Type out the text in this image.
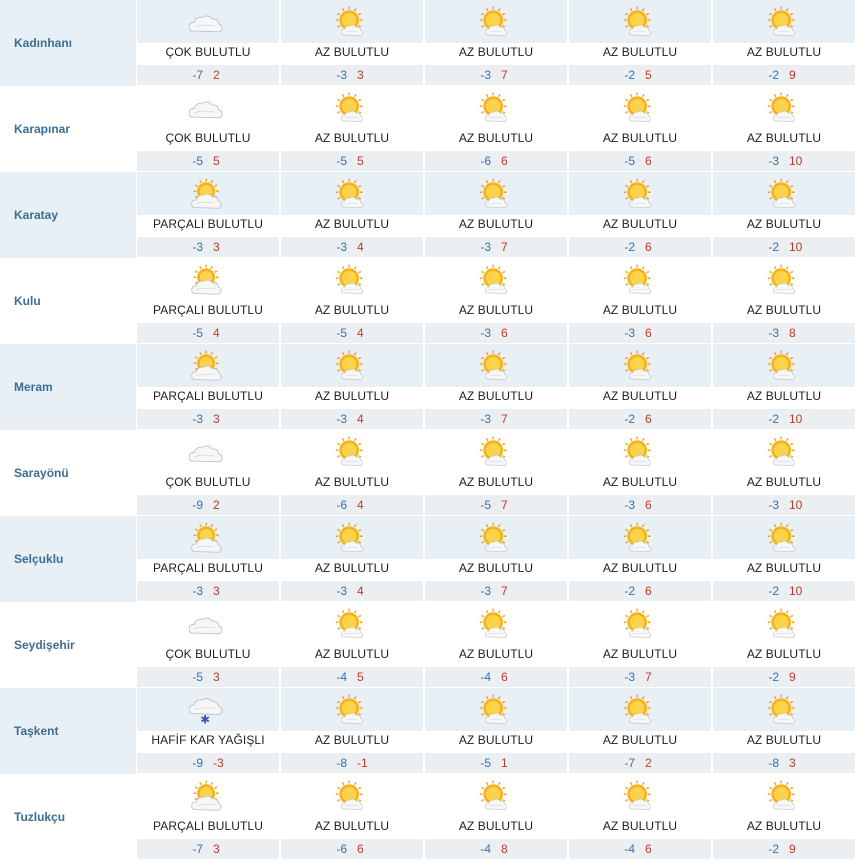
Kadınhanı
ÇOK BULUTLU
-7 2
AZ BULUTLU
-3 3
AZ BULUTLU
-3 7
AZ BULUTLU
-2 5
AZ BULUTLU
-2 9
Karapınar
ÇOK BULUTLU
-5 5
AZ BULUTLU
-5 5
AZ BULUTLU
-6 6
AZ BULUTLU
-5 6
AZ BULUTLU
-3 10
Karatay
PARÇALI BULUTLU
-3 3
AZ BULUTLU
-3 4
AZ BULUTLU
-3 7
AZ BULUTLU
-2 6
AZ BULUTLU
-2 10
Kulu
PARÇALI BULUTLU
-5 4
AZ BULUTLU
-5 4
AZ BULUTLU
-3 6
AZ BULUTLU
-3 6
AZ BULUTLU
-3 8
Meram
PARÇALI BULUTLU
-3 3
AZ BULUTLU
-3 4
AZ BULUTLU
-3 7
AZ BULUTLU
-2 6
AZ BULUTLU
-2 10
Sarayönü
ÇOK BULUTLU
-9 2
AZ BULUTLU
-6 4
AZ BULUTLU
-5 7
AZ BULUTLU
-3 6
AZ BULUTLU
-3 10
Selçuklu
PARÇALI BULUTLU
-3 3
AZ BULUTLU
-3 4
AZ BULUTLU
-3 7
AZ BULUTLU
-2 6
AZ BULUTLU
-2 10
Seydişehir
ÇOK BULUTLU
-5 3
AZ BULUTLU
-4 5
AZ BULUTLU
-4 6
AZ BULUTLU
-3 7
AZ BULUTLU
-2 9
Taşkent
✱
HAFİF KAR YAĞIŞLI
-9 -3
AZ BULUTLU
-8 -1
AZ BULUTLU
-5 1
AZ BULUTLU
-7 2
AZ BULUTLU
-8 3
Tuzlukçu
PARÇALI BULUTLU
-7 3
AZ BULUTLU
-6 6
AZ BULUTLU
-4 8
AZ BULUTLU
-4 6
AZ BULUTLU
-2 9
